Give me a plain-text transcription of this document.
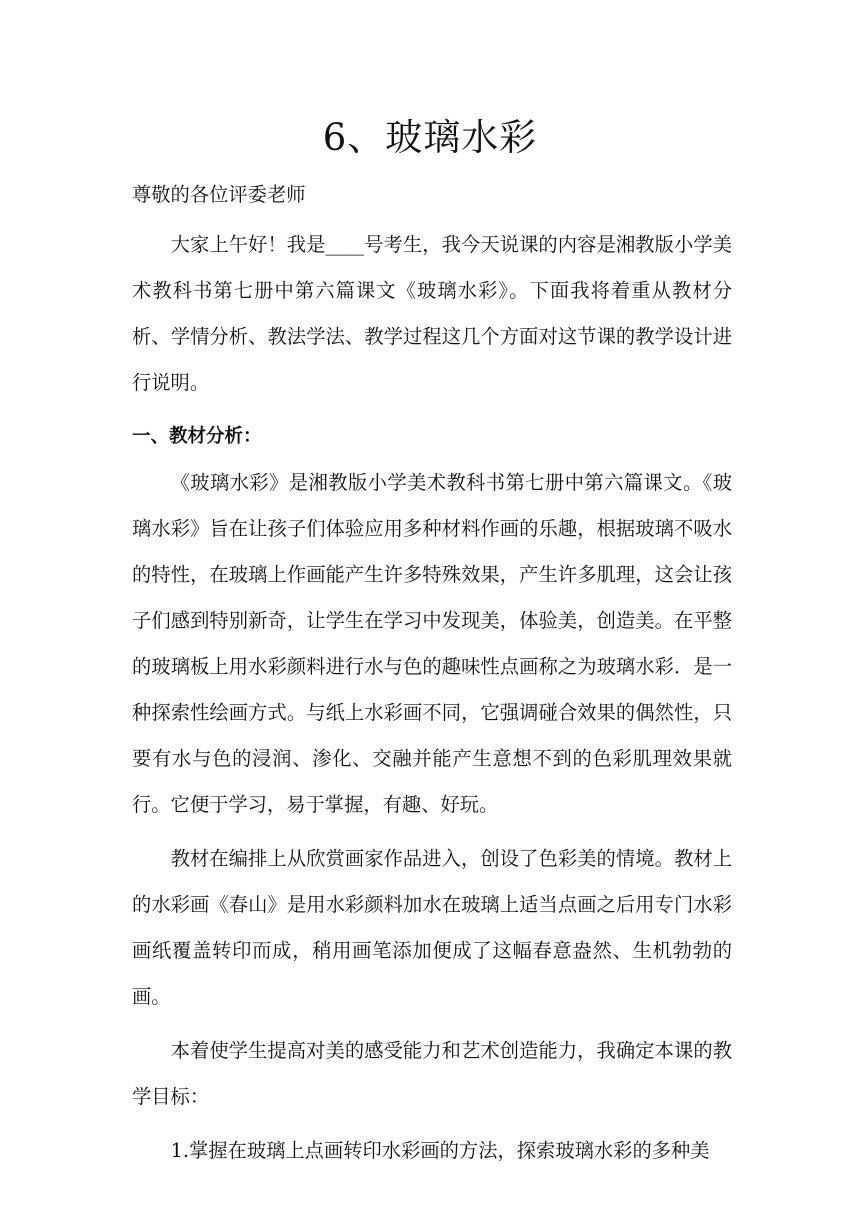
6、玻璃水彩

尊敬的各位评委老师

大家上午好！我是____号考生，我今天说课的内容是湘教版小学美术教科书第七册中第六篇课文《玻璃水彩》。下面我将着重从教材分析、学情分析、教法学法、教学过程这几个方面对这节课的教学设计进行说明。

一、教材分析：

《玻璃水彩》是湘教版小学美术教科书第七册中第六篇课文。《玻璃水彩》旨在让孩子们体验应用多种材料作画的乐趣，根据玻璃不吸水的特性，在玻璃上作画能产生许多特殊效果，产生许多肌理，这会让孩子们感到特别新奇，让学生在学习中发现美，体验美，创造美。在平整的玻璃板上用水彩颜料进行水与色的趣味性点画称之为玻璃水彩．是一种探索性绘画方式。与纸上水彩画不同，它强调碰合效果的偶然性，只要有水与色的浸润、渗化、交融并能产生意想不到的色彩肌理效果就行。它便于学习，易于掌握，有趣、好玩。

教材在编排上从欣赏画家作品进入，创设了色彩美的情境。教材上的水彩画《春山》是用水彩颜料加水在玻璃上适当点画之后用专门水彩画纸覆盖转印而成，稍用画笔添加便成了这幅春意盎然、生机勃勃的画。

本着使学生提高对美的感受能力和艺术创造能力，我确定本课的教学目标：

1.掌握在玻璃上点画转印水彩画的方法，探索玻璃水彩的多种美
